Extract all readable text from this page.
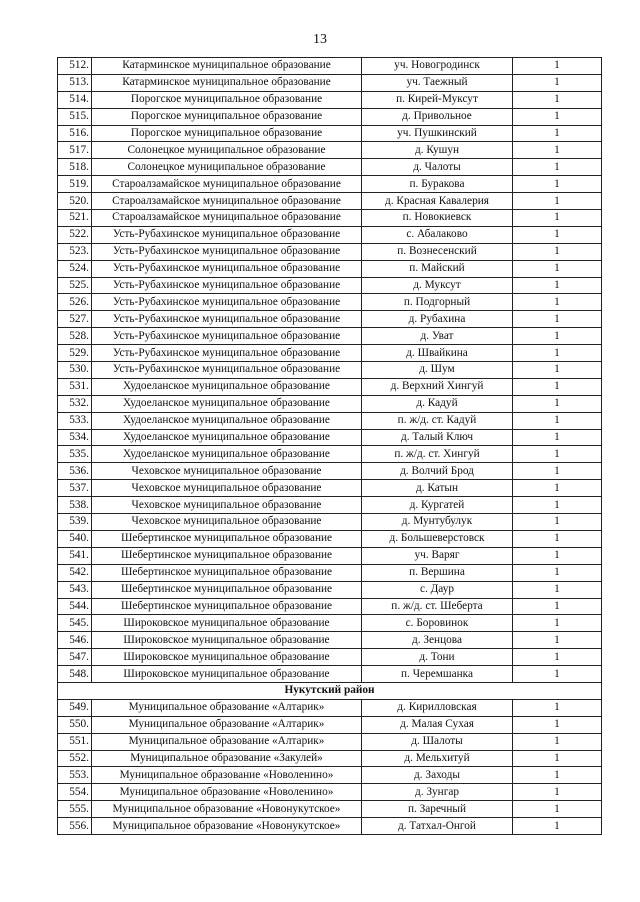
13
512.	Катарминское муниципальное образование	уч. Новогродинск	1
513.	Катарминское муниципальное образование	уч. Таежный	1
514.	Порогское муниципальное образование	п. Кирей-Муксут	1
515.	Порогское муниципальное образование	д. Привольное	1
516.	Порогское муниципальное образование	уч. Пушкинский	1
517.	Солонецкое муниципальное образование	д. Кушун	1
518.	Солонецкое муниципальное образование	д. Чалоты	1
519.	Староалзамайское муниципальное образование	п. Буракова	1
520.	Староалзамайское муниципальное образование	д. Красная Кавалерия	1
521.	Староалзамайское муниципальное образование	п. Новокиевск	1
522.	Усть-Рубахинское муниципальное образование	с. Абалаково	1
523.	Усть-Рубахинское муниципальное образование	п. Вознесенский	1
524.	Усть-Рубахинское муниципальное образование	п. Майский	1
525.	Усть-Рубахинское муниципальное образование	д. Муксут	1
526.	Усть-Рубахинское муниципальное образование	п. Подгорный	1
527.	Усть-Рубахинское муниципальное образование	д. Рубахина	1
528.	Усть-Рубахинское муниципальное образование	д. Уват	1
529.	Усть-Рубахинское муниципальное образование	д. Швайкина	1
530.	Усть-Рубахинское муниципальное образование	д. Шум	1
531.	Худоеланское муниципальное образование	д. Верхний Хингуй	1
532.	Худоеланское муниципальное образование	д. Кадуй	1
533.	Худоеланское муниципальное образование	п. ж/д. ст. Кадуй	1
534.	Худоеланское муниципальное образование	д. Талый Ключ	1
535.	Худоеланское муниципальное образование	п. ж/д. ст. Хингуй	1
536.	Чеховское муниципальное образование	д. Волчий Брод	1
537.	Чеховское муниципальное образование	д. Катын	1
538.	Чеховское муниципальное образование	д. Кургатей	1
539.	Чеховское муниципальное образование	д. Мунтубулук	1
540.	Шебертинское муниципальное образование	д. Большеверстовск	1
541.	Шебертинское муниципальное образование	уч. Варяг	1
542.	Шебертинское муниципальное образование	п. Вершина	1
543.	Шебертинское муниципальное образование	с. Даур	1
544.	Шебертинское муниципальное образование	п. ж/д. ст. Шеберта	1
545.	Широковское муниципальное образование	с. Боровинок	1
546.	Широковское муниципальное образование	д. Зенцова	1
547.	Широковское муниципальное образование	д. Тони	1
548.	Широковское муниципальное образование	п. Черемшанка	1
Нукутский район			
549.	Муниципальное образование «Алтарик»	д. Кирилловская	1
550.	Муниципальное образование «Алтарик»	д. Малая Сухая	1
551.	Муниципальное образование «Алтарик»	д. Шалоты	1
552.	Муниципальное образование «Закулей»	д. Мельхитуй	1
553.	Муниципальное образование «Новоленино»	д. Заходы	1
554.	Муниципальное образование «Новоленино»	д. Зунгар	1
555.	Муниципальное образование «Новонукутское»	п. Заречный	1
556.	Муниципальное образование «Новонукутское»	д. Татхал-Онгой	1
